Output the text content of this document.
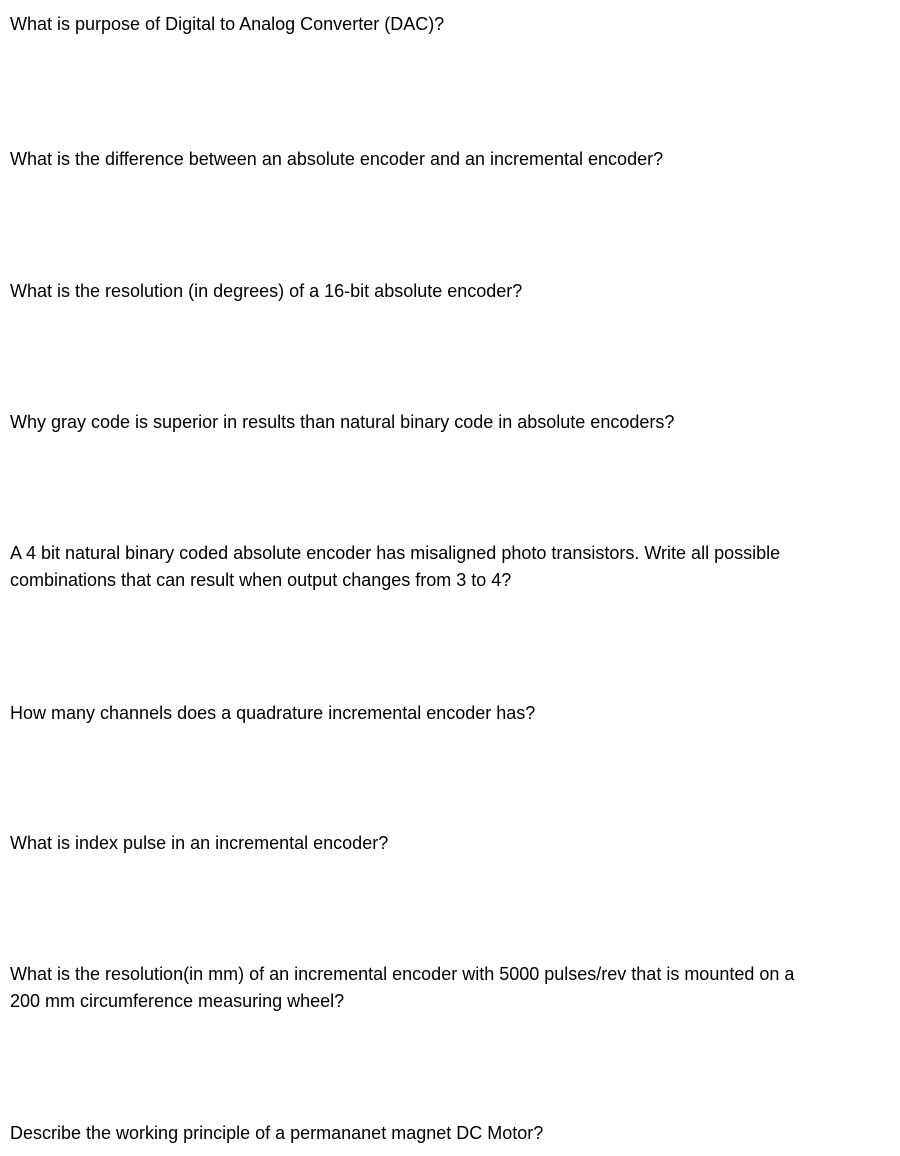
What is purpose of Digital to Analog Converter (DAC)?

What is the difference between an absolute encoder and an incremental encoder?

What is the resolution (in degrees) of a 16-bit absolute encoder?

Why gray code is superior in results than natural binary code in absolute encoders?

A 4 bit natural binary coded absolute encoder has misaligned photo transistors. Write all possible
combinations that can result when output changes from 3 to 4?

How many channels does a quadrature incremental encoder has?

What is index pulse in an incremental encoder?

What is the resolution(in mm) of an incremental encoder with 5000 pulses/rev that is mounted on a
200 mm circumference measuring wheel?

Describe the working principle of a permananet magnet DC Motor?
